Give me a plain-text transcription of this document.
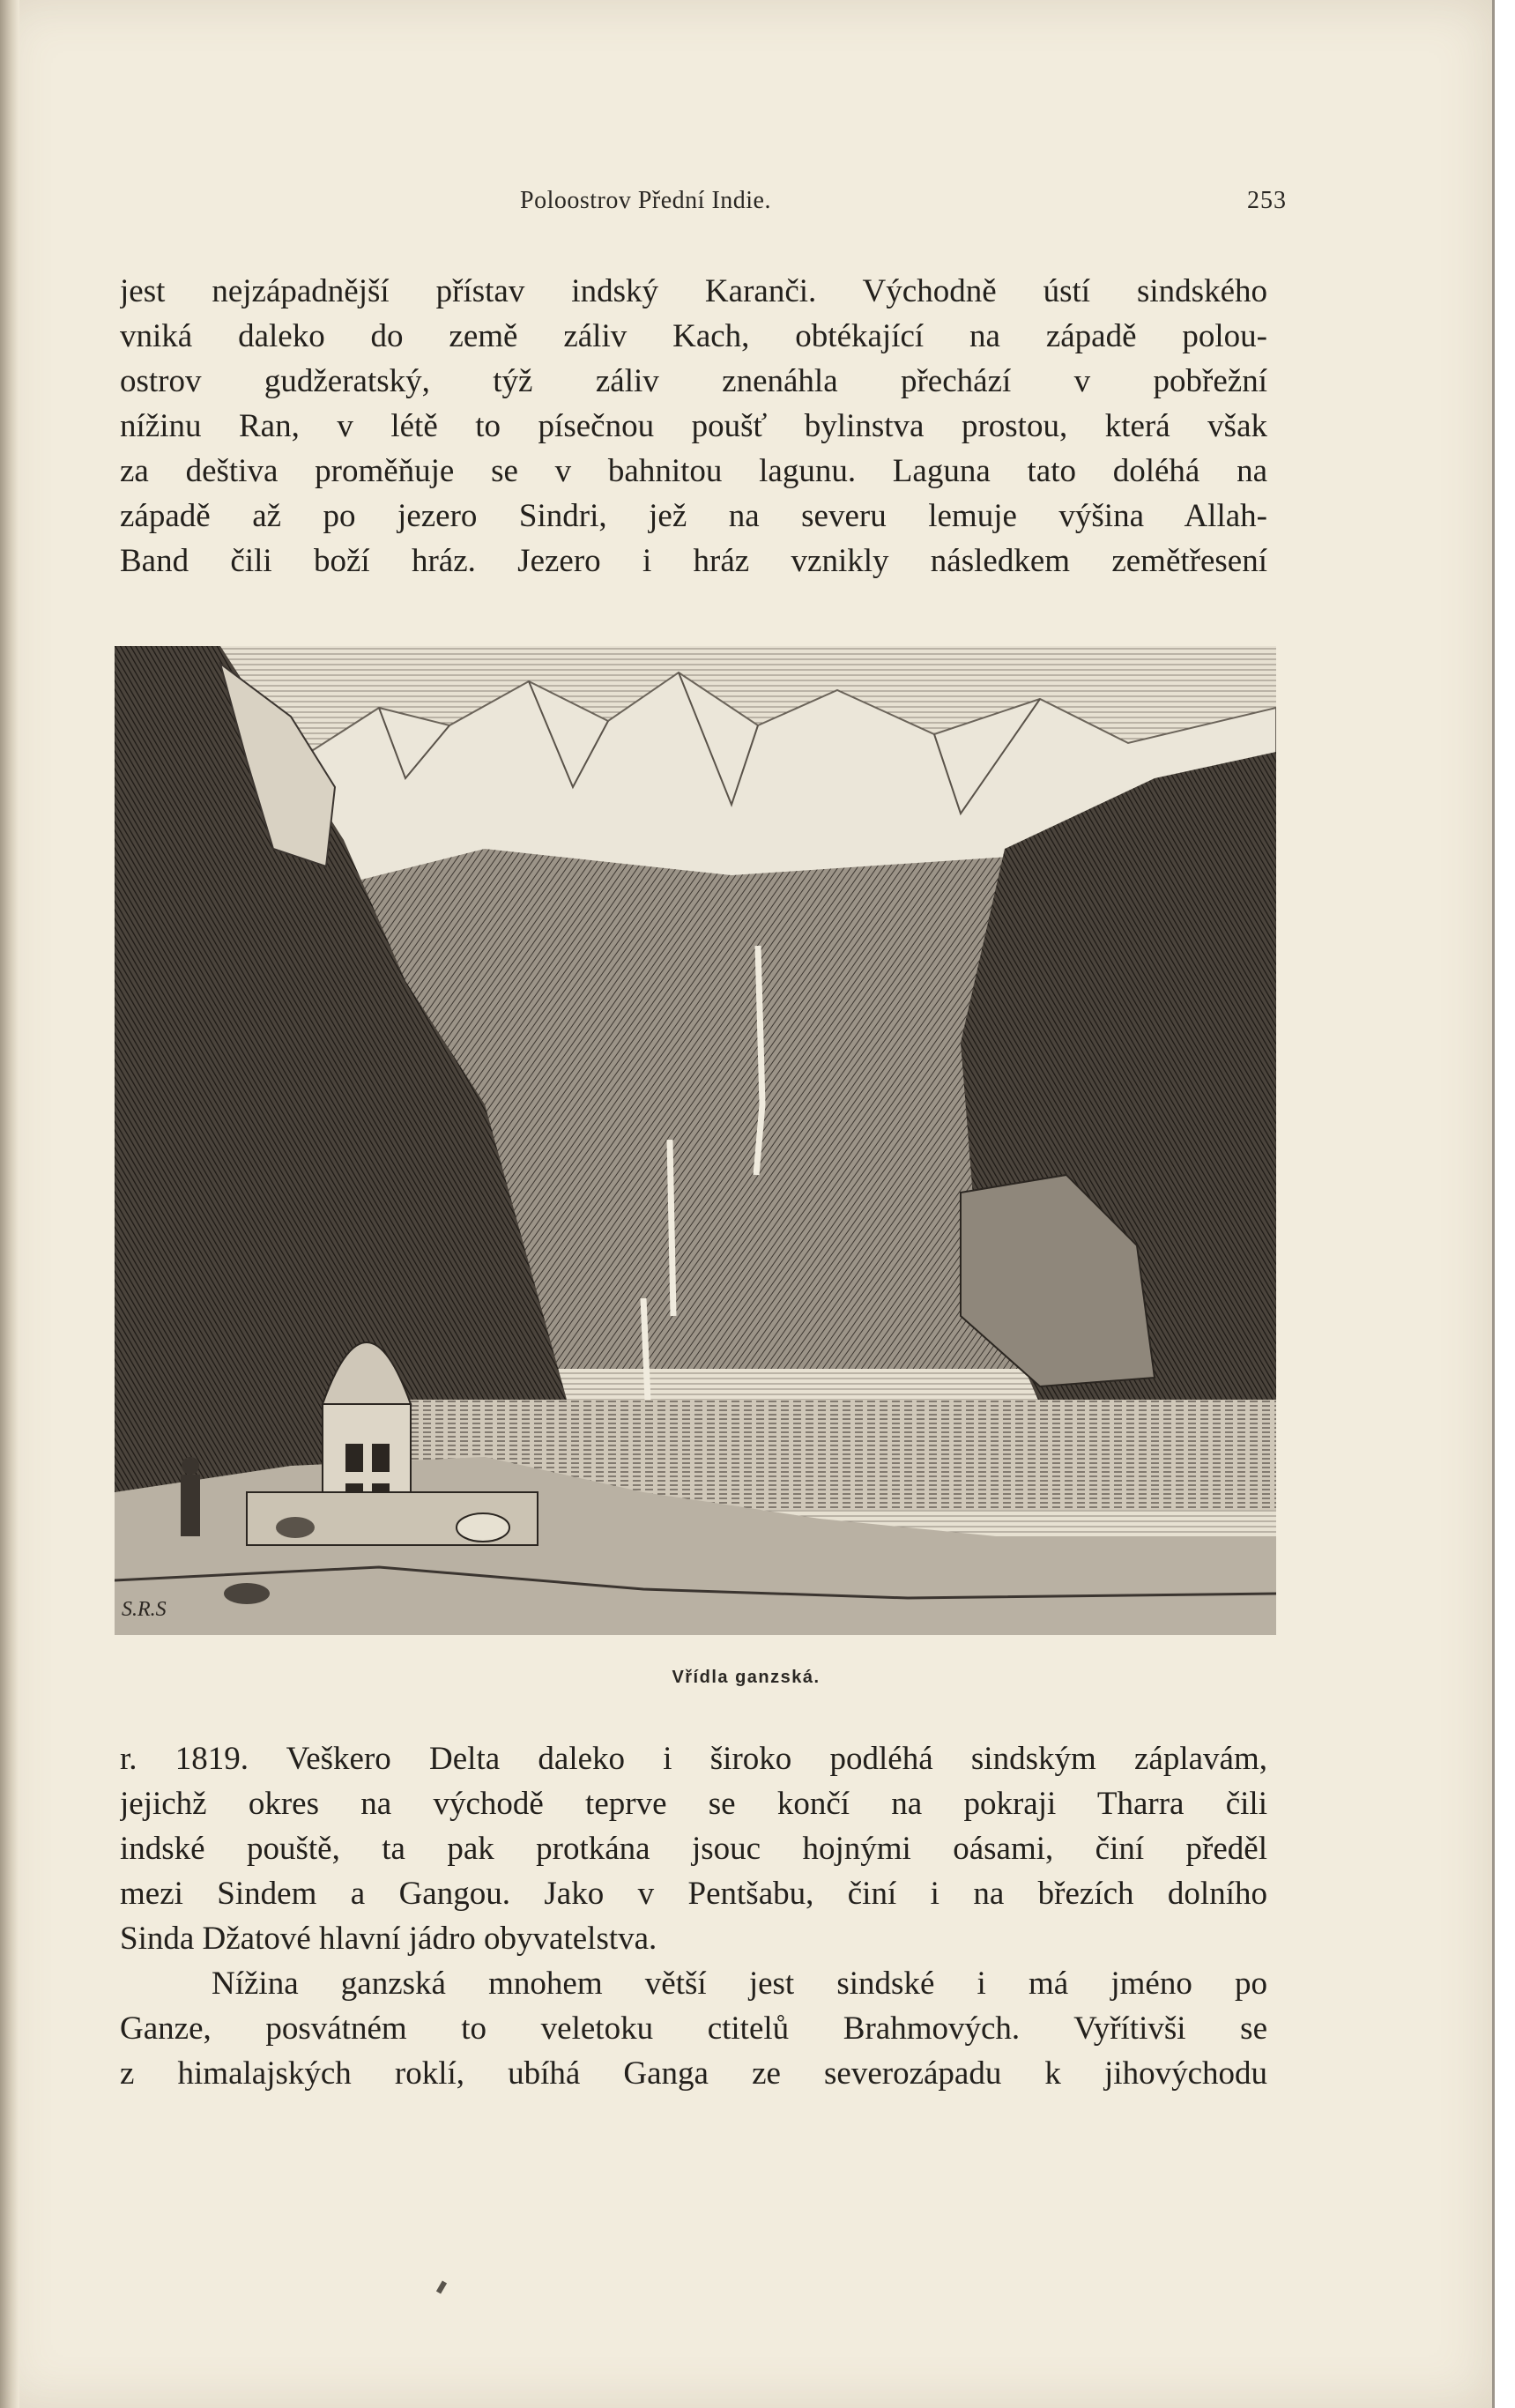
Poloostrov Přední Indie.	253

jest nejzápadnější přístav indský Karanči. Východně ústí sindského

vniká daleko do země záliv Kach, obtékající na západě polou-

ostrov gudžeratský, týž záliv znenáhla přechází v pobřežní

nížinu Ran, v létě to písečnou poušť bylinstva prostou, která však

za deštiva proměňuje se v bahnitou lagunu. Laguna tato doléhá na

západě až po jezero Sindri, jež na severu lemuje výšina Allah-

Band čili boží hráz. Jezero i hráz vznikly následkem zemětřesení

S.R.S
Vřídla ganzská.

r. 1819. Veškero Delta daleko i široko podléhá sindským záplavám,

jejichž okres na východě teprve se končí na pokraji Tharra čili

indské pouště, ta pak protkána jsouc hojnými oásami, činí předěl

mezi Sindem a Gangou. Jako v Pentšabu, činí i na březích dolního

Sinda Džatové hlavní jádro obyvatelstva.

Nížina ganzská mnohem větší jest sindské i má jméno po

Ganze, posvátném to veletoku ctitelů Brahmových. Vyřítivši se

z himalajských roklí, ubíhá Ganga ze severozápadu k jihovýchodu
